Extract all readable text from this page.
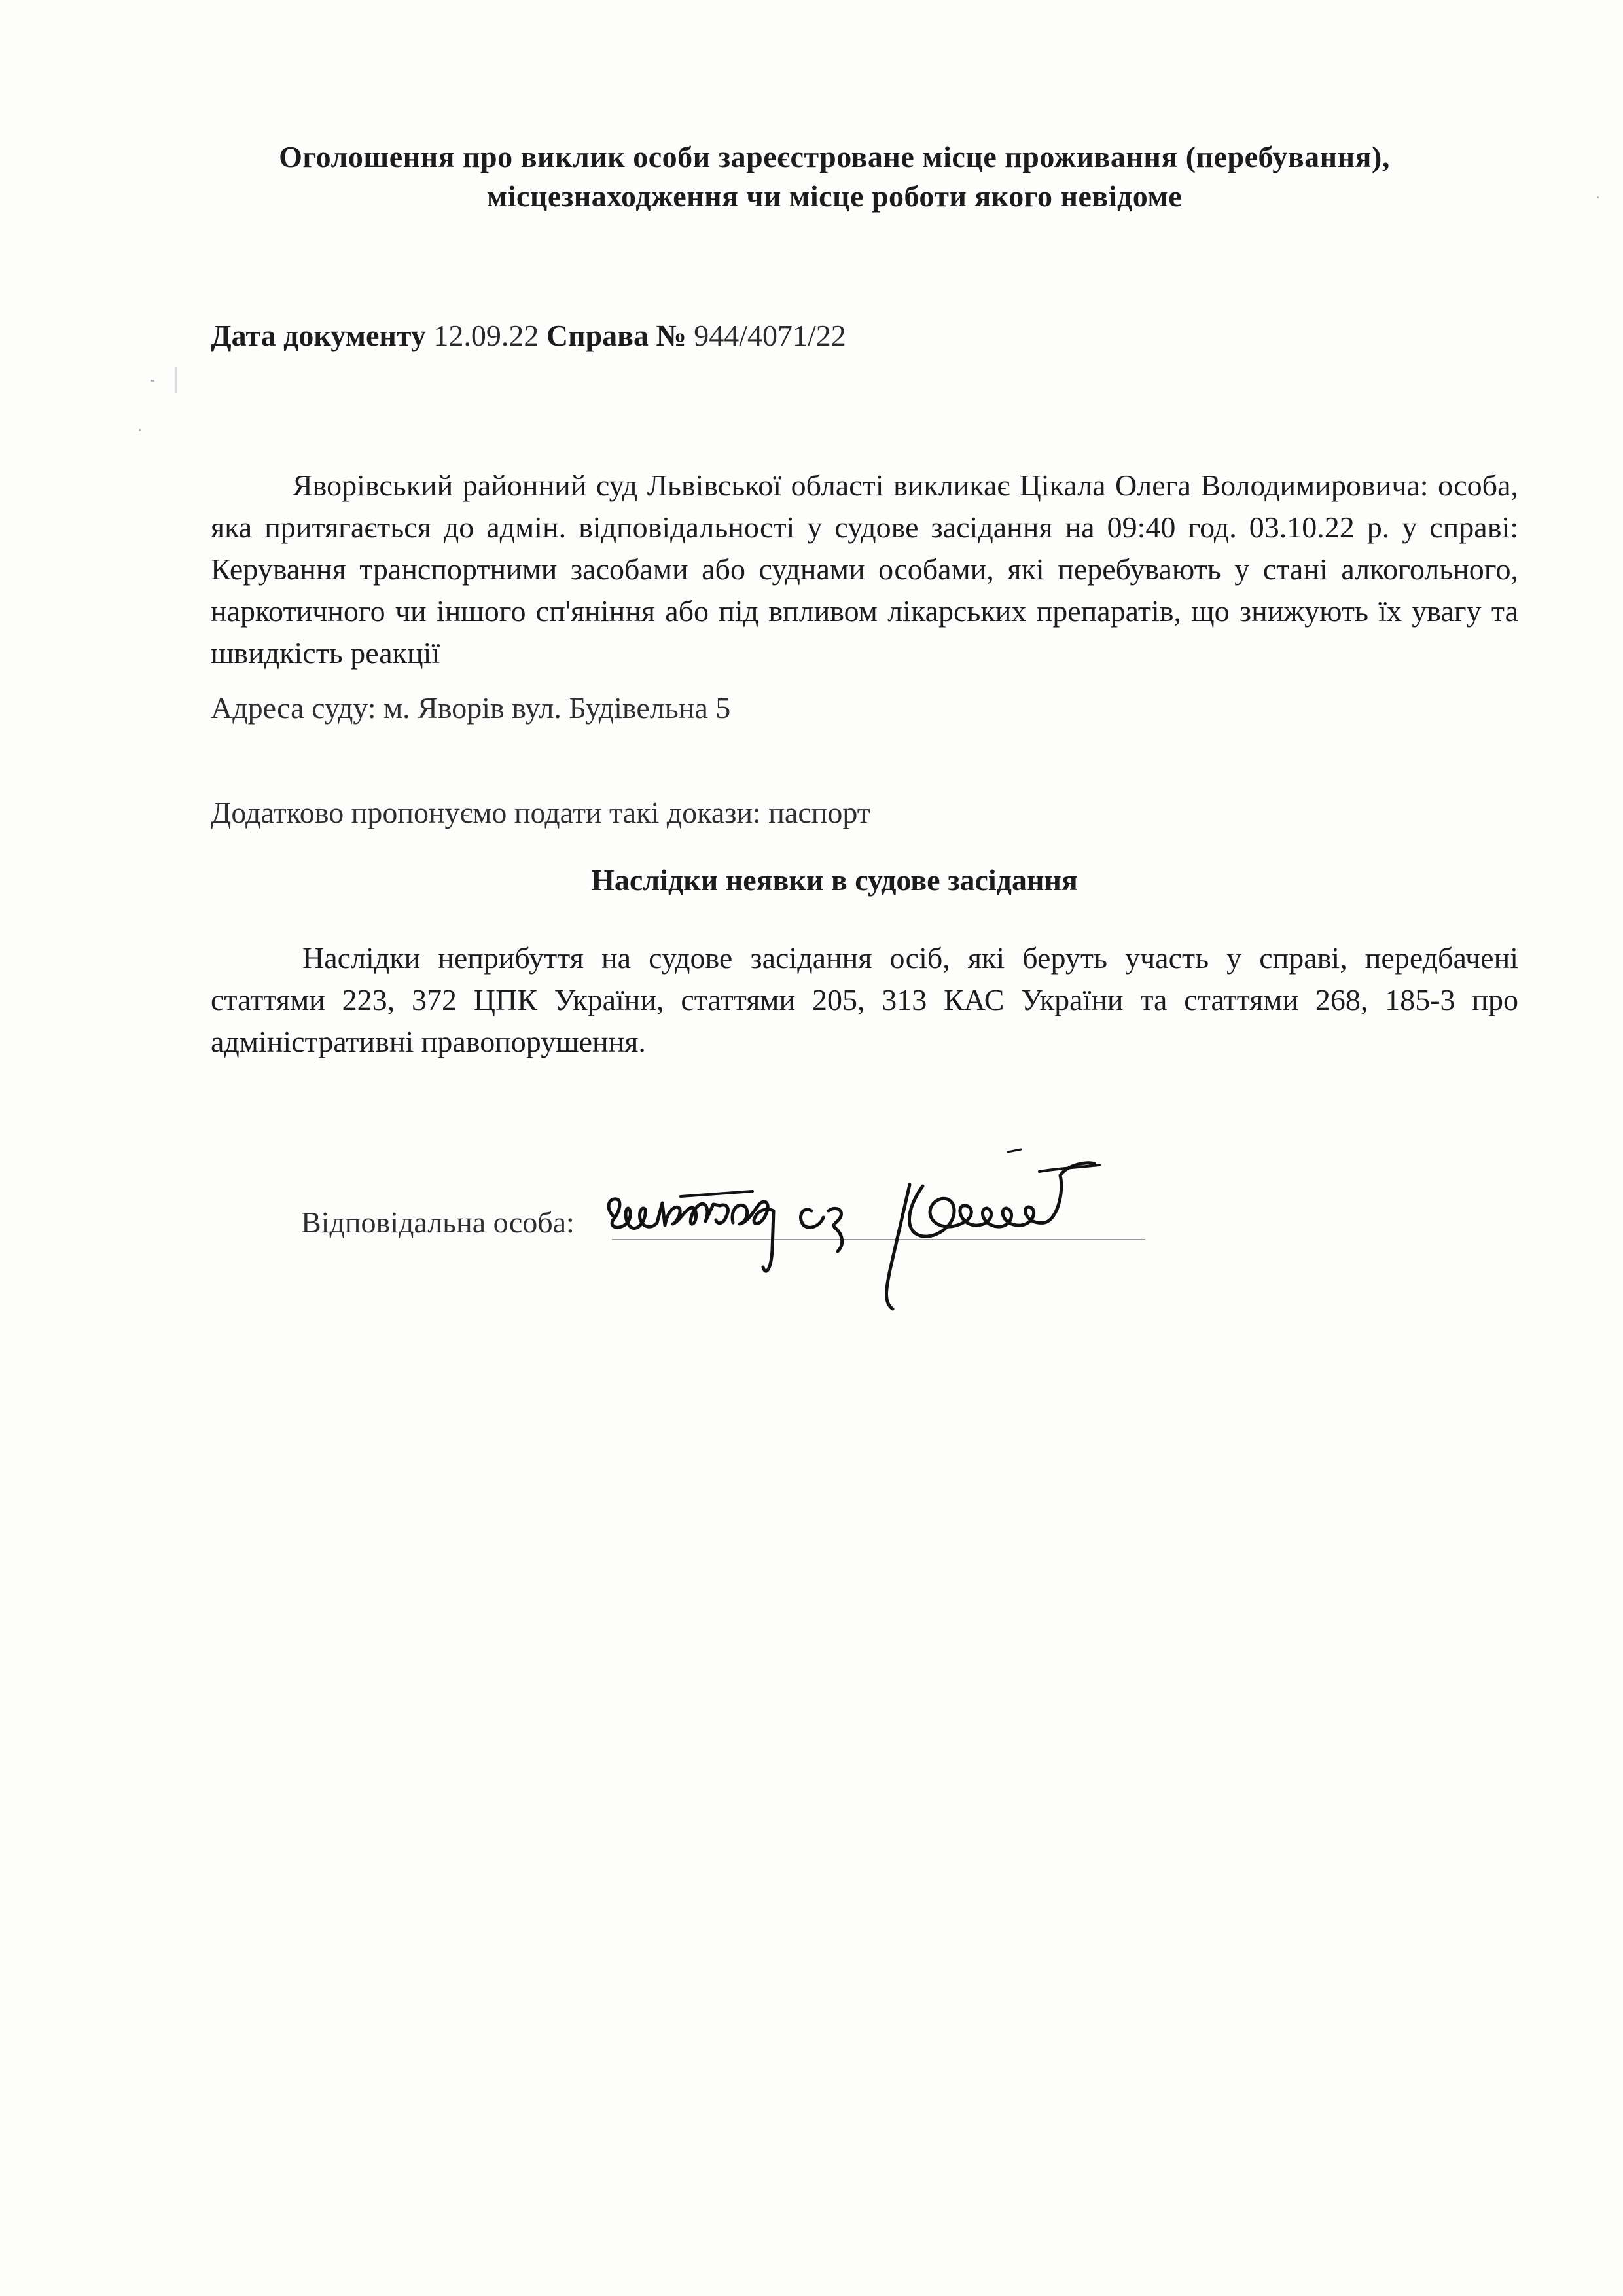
Оголошення про виклик особи зареєстроване місце проживання (перебування),
місцезнаходження чи місце роботи якого невідоме
Дата документу 12.09.22 Справа № 944/4071/22
Яворівський районний суд Львівської області викликає Цікала Олега Володимировича: особа, яка притягається до адмін. відповідальності у судове засідання на 09:40 год. 03.10.22 р. у справі: Керування транспортними засобами або суднами особами, які перебувають у стані алкогольного, наркотичного чи іншого сп'яніння або під впливом лікарських препаратів, що знижують їх увагу та швидкість реакції
Адреса суду: м. Яворів вул. Будівельна 5
Додатково пропонуємо подати такі докази: паспорт
Наслідки неявки в судове засідання
Наслідки неприбуття на судове засідання осіб, які беруть участь у справі, передбачені статтями 223, 372 ЦПК України, статтями 205, 313 КАС України та статтями 268, 185-3 про адміністративні правопорушення.
Відповідальна особа:
